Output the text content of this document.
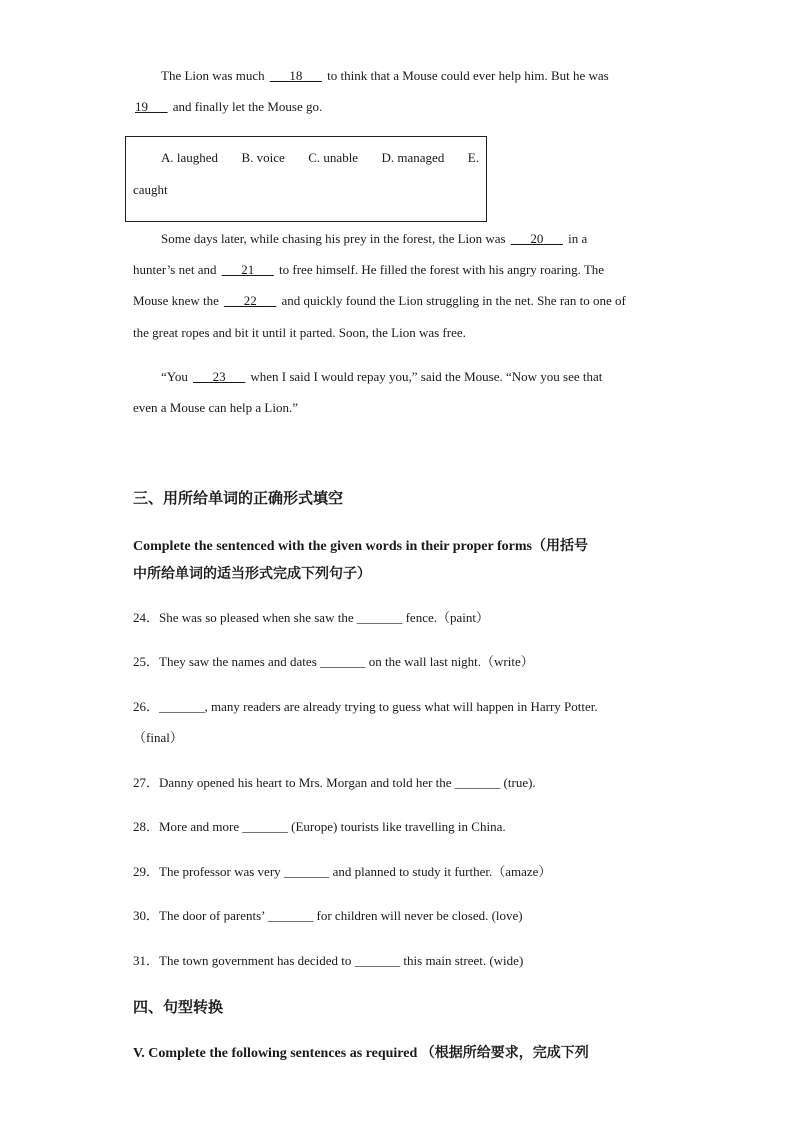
The Lion was much ___18___ to think that a Mouse could ever help him. But he was
19___ and finally let the Mouse go.
A. laughed B. voice C. unable D. managed E.
caught
Some days later, while chasing his prey in the forest, the Lion was ___20___ in a
hunter’s net and ___21___ to free himself. He filled the forest with his angry roaring. The
Mouse knew the ___22___ and quickly found the Lion struggling in the net. She ran to one of
the great ropes and bit it until it parted. Soon, the Lion was free.
“You ___23___ when I said I would repay you,” said the Mouse. “Now you see that
even a Mouse can help a Lion.”
三、用所给单词的正确形式填空
Complete the sentenced with the given words in their proper forms（用括号
中所给单词的适当形式完成下列句子）
24．She was so pleased when she saw the _______ fence.（paint）
25．They saw the names and dates _______ on the wall last night.（write）
26．_______, many readers are already trying to guess what will happen in Harry Potter.
（final）
27．Danny opened his heart to Mrs. Morgan and told her the _______ (true).
28．More and more _______ (Europe) tourists like travelling in China.
29．The professor was very _______ and planned to study it further.（amaze）
30．The door of parents’ _______ for children will never be closed. (love)
31．The town government has decided to _______ this main street. (wide)
四、句型转换
V. Complete the following sentences as required （根据所给要求，完成下列
